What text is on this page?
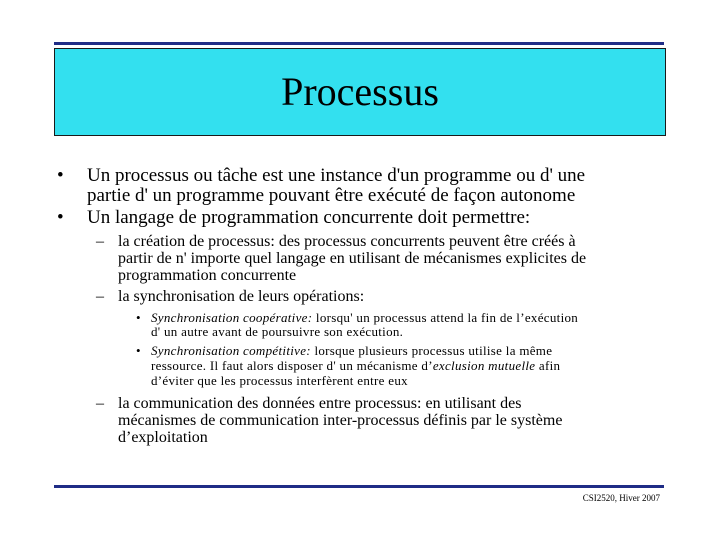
Processus
• Un processus ou tâche est une instance d'un programme ou d' une
partie d' un programme pouvant être exécuté de façon autonome
• Un langage de programmation concurrente doit permettre:
– la création de processus: des processus concurrents peuvent être créés à
partir de n' importe quel langage en utilisant de mécanismes explicites de
programmation concurrente
– la synchronisation de leurs opérations:
• Synchronisation coopérative: lorsqu' un processus attend la fin de l’exécution
d' un autre avant de poursuivre son exécution.
• Synchronisation compétitive: lorsque plusieurs processus utilise la même
ressource. Il faut alors disposer d' un mécanisme d’exclusion mutuelle afin
d’éviter que les processus interfèrent entre eux
– la communication des données entre processus: en utilisant des
mécanismes de communication inter-processus définis par le système
d’exploitation
CSI2520, Hiver 2007
